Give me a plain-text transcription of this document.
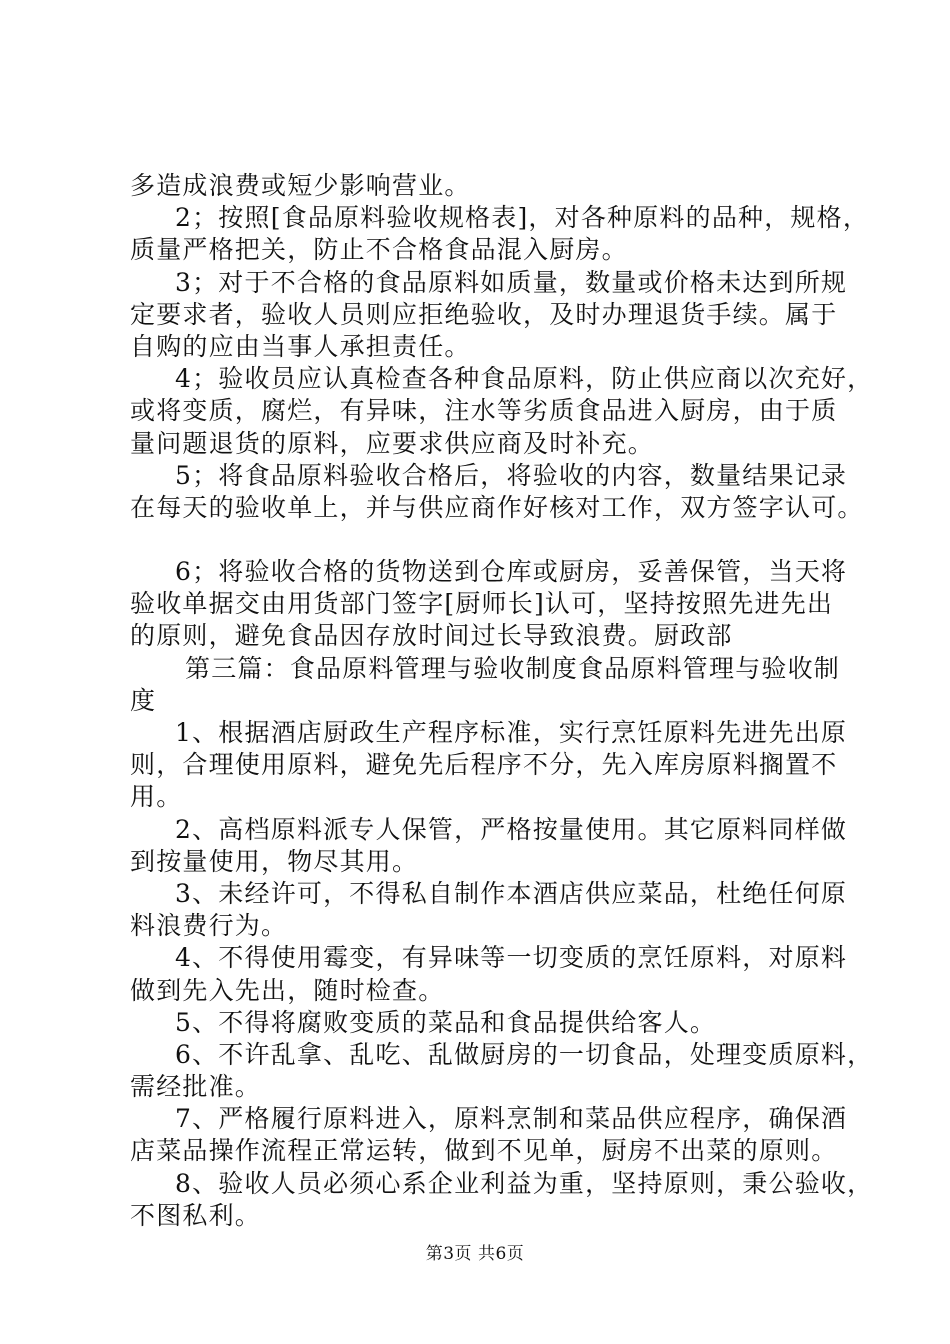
多造成浪费或短少影响营业。
2；按照[食品原料验收规格表]，对各种原料的品种，规格，
质量严格把关，防止不合格食品混入厨房。
3；对于不合格的食品原料如质量，数量或价格未达到所规
定要求者，验收人员则应拒绝验收，及时办理退货手续。属于
自购的应由当事人承担责任。
4；验收员应认真检查各种食品原料，防止供应商以次充好，
或将变质，腐烂，有异味，注水等劣质食品进入厨房，由于质
量问题退货的原料，应要求供应商及时补充。
5；将食品原料验收合格后，将验收的内容，数量结果记录
在每天的验收单上，并与供应商作好核对工作，双方签字认可。
6；将验收合格的货物送到仓库或厨房，妥善保管，当天将
验收单据交由用货部门签字[厨师长]认可，坚持按照先进先出
的原则，避免食品因存放时间过长导致浪费。厨政部
第三篇：食品原料管理与验收制度食品原料管理与验收制
度
1、根据酒店厨政生产程序标准，实行烹饪原料先进先出原
则，合理使用原料，避免先后程序不分，先入库房原料搁置不
用。
2、高档原料派专人保管，严格按量使用。其它原料同样做
到按量使用，物尽其用。
3、未经许可，不得私自制作本酒店供应菜品，杜绝任何原
料浪费行为。
4、不得使用霉变，有异味等一切变质的烹饪原料，对原料
做到先入先出，随时检查。
5、不得将腐败变质的菜品和食品提供给客人。
6、不许乱拿、乱吃、乱做厨房的一切食品，处理变质原料，
需经批准。
7、严格履行原料进入，原料烹制和菜品供应程序，确保酒
店菜品操作流程正常运转，做到不见单，厨房不出菜的原则。
8、验收人员必须心系企业利益为重，坚持原则，秉公验收，
不图私利。
第3页 共6页
